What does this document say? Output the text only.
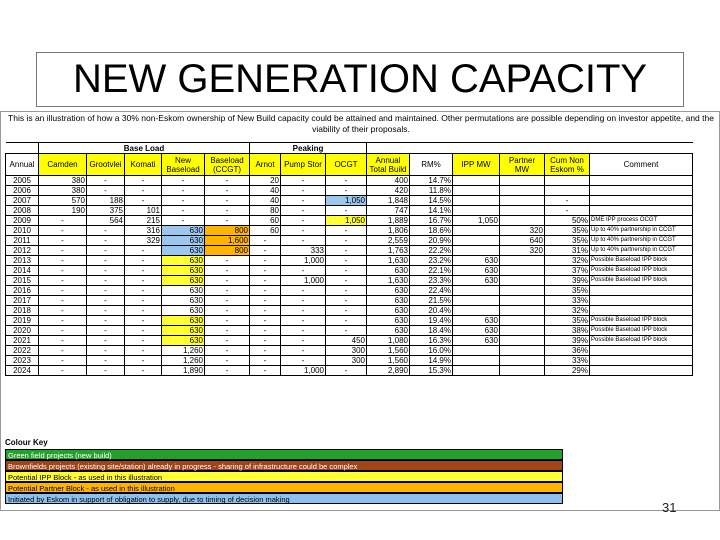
NEW GENERATION CAPACITY
This is an illustration of how a 30% non-Eskom ownership of New Build capacity could be attained and maintained. Other permutations are possible depending on investor appetite, and the viability of their proposals.
	Base Load					Peaking								
Annual	Camden	Grootvlei	Komati	New Baseload	Baseload (CCGT)	Arnot	Pump Stor	OCGT	Annual Total Build	RM%	IPP MW	Partner MW	Cum Non Eskom %	Comment
2005	380	-	-	-	-	20	-	-	400	14.7%				
2006	380	-	-	-	-	40	-	-	420	11.8%				
2007	570	188	-	-	-	40	-	1,050	1,848	14.5%			-	
2008	190	375	101	-	-	80	-	-	747	14.1%			-	
2009	-	564	215	-	-	60	-	1,050	1,889	16.7%	1,050		50%	DME IPP process OCGT
2010	-	-	316	630	800	60	-	-	1,806	18.6%		320	35%	Up to 40% partnership in CCGT
2011	-	-	329	630	1,600	-	-	-	2,559	20.9%		640	35%	Up to 40% partnership in CCGT
2012	-	-	-	630	800	-	333	-	1,763	22.2%		320	31%	Up to 40% partnership in CCGT
2013	-	-	-	630	-	-	1,000	-	1,630	23.2%	630		32%	Possible Baseload IPP block
2014	-	-	-	630	-	-	-	-	630	22.1%	630		37%	Possible Baseload IPP block
2015	-	-	-	630	-	-	1,000	-	1,630	23.3%	630		39%	Possible Baseload IPP block
2016	-	-	-	630	-	-	-	-	630	22.4%			35%	
2017	-	-	-	630	-	-	-	-	630	21.5%			33%	
2018	-	-	-	630	-	-	-	-	630	20.4%			32%	
2019	-	-	-	630	-	-	-	-	630	19.4%	630		35%	Possible Baseload IPP block
2020	-	-	-	630	-	-	-	-	630	18.4%	630		38%	Possible Baseload IPP block
2021	-	-	-	630	-	-	-	450	1,080	16.3%	630		39%	Possible Baseload IPP block
2022	-	-	-	1,260	-	-	-	300	1,560	16.0%			36%	
2023	-	-	-	1,260	-	-	-	300	1,560	14.9%			33%	
2024	-	-	-	1,890	-	-	1,000	-	2,890	15.3%			29%	
Colour Key
Green field projects (new build)
Brownfields projects (existing site/station) already in progress - sharing of infrastructure could be complex
Potential IPP Block - as used in this illustration
Potential Partner Block - as used in this illustration
Initiated by Eskom in support of obligation to supply, due to timing of decision making
31
